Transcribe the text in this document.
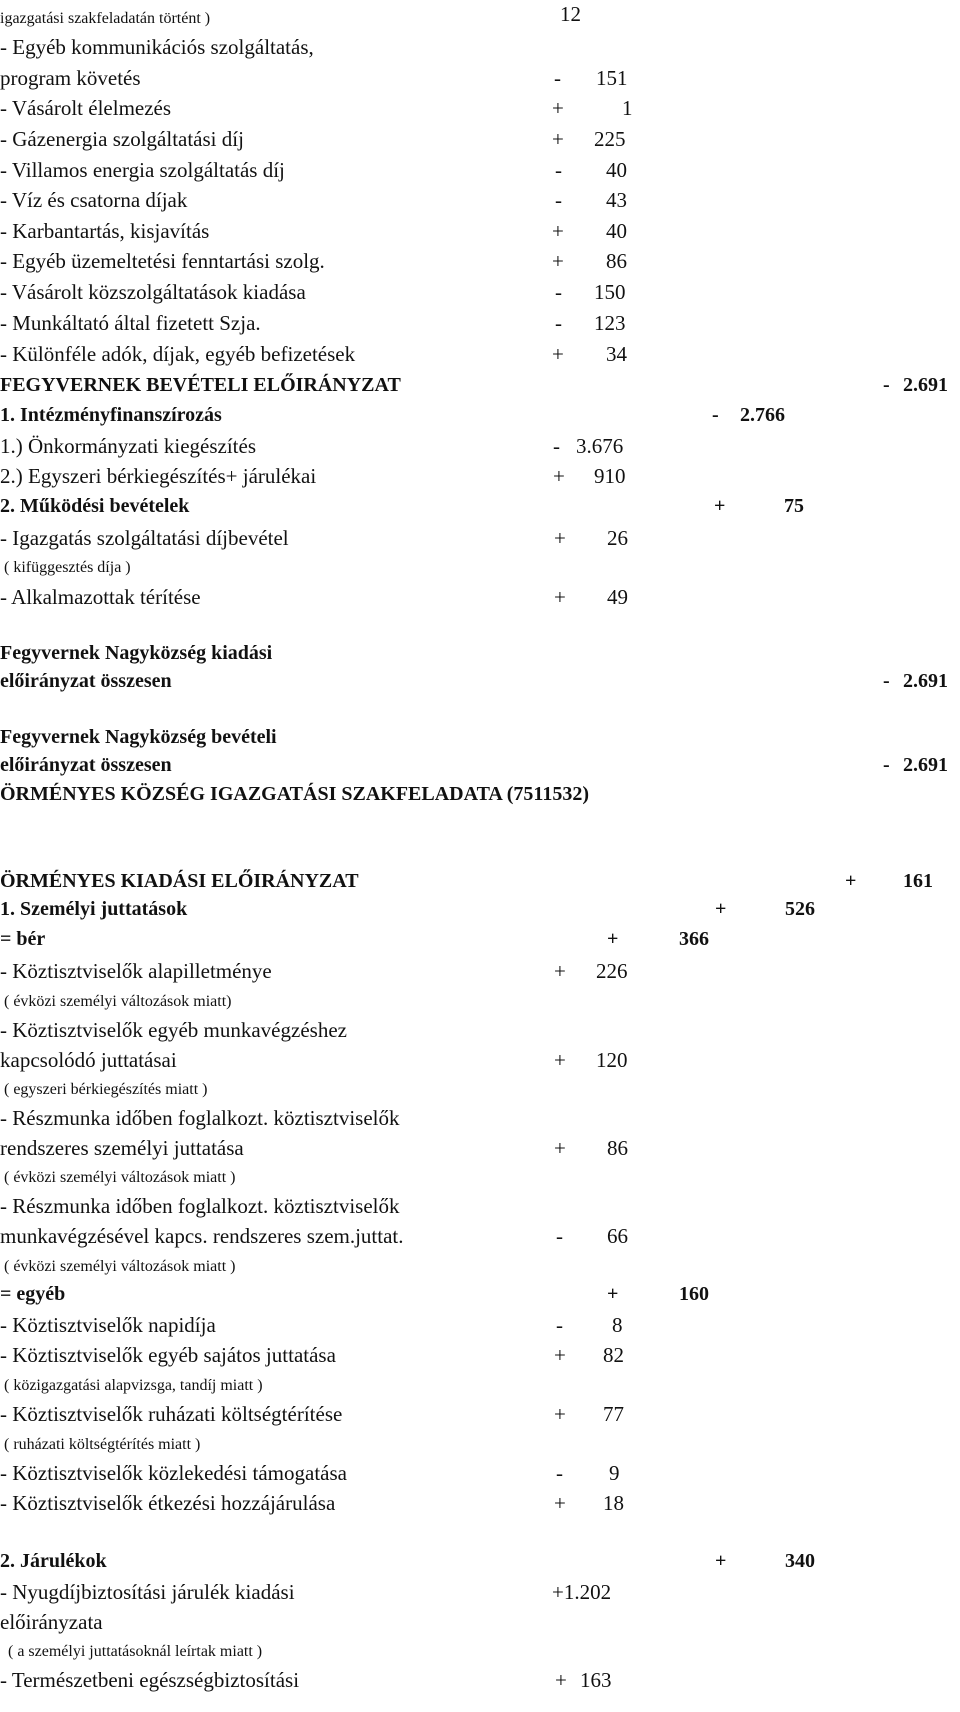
12
igazgatási szakfeladatán történt )
- Egyéb kommunikációs szolgáltatás,
program követés	- 151
- Vásárolt élelmezés	+	1
- Gázenergia szolgáltatási díj	+ 225
- Villamos energia szolgáltatás díj	- 40
- Víz és csatorna díjak	- 43
- Karbantartás, kisjavítás	+ 40
- Egyéb üzemeltetési fenntartási szolg.	+ 86
- Vásárolt közszolgáltatások kiadása	- 150
- Munkáltató által fizetett Szja.	- 123
- Különféle adók, díjak, egyéb befizetések	+ 34
FEGYVERNEK BEVÉTELI ELŐIRÁNYZAT	- 2.691
1. Intézményfinanszírozás	- 2.766
1.) Önkormányzati kiegészítés	- 3.676
2.) Egyszeri bérkiegészítés+ járulékai	+ 910
2. Működési bevételek	+	75
- Igazgatás szolgáltatási díjbevétel	+ 26
( kifüggesztés díja )
- Alkalmazottak térítése	+ 49
Fegyvernek Nagyközség kiadási
előirányzat összesen	- 2.691
Fegyvernek Nagyközség bevételi
előirányzat összesen	- 2.691
ÖRMÉNYES KÖZSÉG IGAZGATÁSI SZAKFELADATA (7511532)
ÖRMÉNYES KIADÁSI ELŐIRÁNYZAT	+ 161
1. Személyi juttatások	+	526
= bér	+	366
- Köztisztviselők alapilletménye	+ 226
( évközi személyi változások miatt)
- Köztisztviselők egyéb munkavégzéshez
kapcsolódó juttatásai	+ 120
( egyszeri bérkiegészítés miatt )
- Részmunka időben foglalkozt. köztisztviselők
rendszeres személyi juttatása	+ 86
( évközi személyi változások miatt )
- Részmunka időben foglalkozt. köztisztviselők
munkavégzésével kapcs. rendszeres szem.juttat.	- 66
( évközi személyi változások miatt )
= egyéb	+	160
- Köztisztviselők napidíja	- 8
- Köztisztviselők egyéb sajátos juttatása	+ 82
( közigazgatási alapvizsga, tandíj miatt )
- Köztisztviselők ruházati költségtérítése	+ 77
( ruházati költségtérítés miatt )
- Köztisztviselők közlekedési támogatása	- 9
- Köztisztviselők étkezési hozzájárulása	+ 18
2. Járulékok	+	340
- Nyugdíjbiztosítási járulék kiadási	+1.202
előirányzata
( a személyi juttatásoknál leírtak miatt )
- Természetbeni egészségbiztosítási	+ 163
